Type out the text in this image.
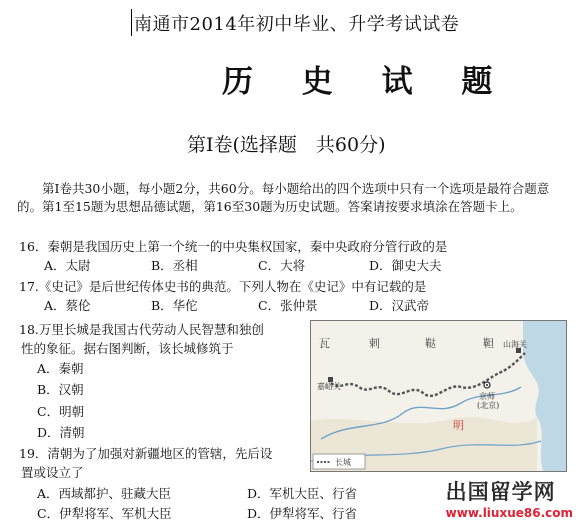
南通市2014年初中毕业、升学考试试卷
历 史 试 题
第Ⅰ卷(选择题　共60分)
第Ⅰ卷共30小题，每小题2分，共60分。每小题给出的四个选项中只有一个选项是最符合题意的。第1至15题为思想品德试题，第16至30题为历史试题。答案请按要求填涂在答题卡上。
16．秦朝是我国历史上第一个统一的中央集权国家，秦中央政府分管行政的是
A．太尉	B．丞相	C．大将	D．御史大夫
17.《史记》是后世纪传体史书的典范。下列人物在《史记》中有记载的是
A．蔡伦	B．华佗	C．张仲景	D．汉武帝
18.万里长城是我国古代劳动人民智慧和独创
性的象征。据右图判断，该长城修筑于
A．秦朝
B．汉朝
C．明朝
D．清朝
19．清朝为了加强对新疆地区的管辖，先后设
置或设立了
A．西域都护、驻藏大臣	D．军机大臣、行省
C．伊犁将军、军机大臣	D．伊犁将军、行省
瓦	剌	鞑	靼
明
嘉峪关
山海关
京师
(北京)
长城
出国留学网
www.liuxue86.com
